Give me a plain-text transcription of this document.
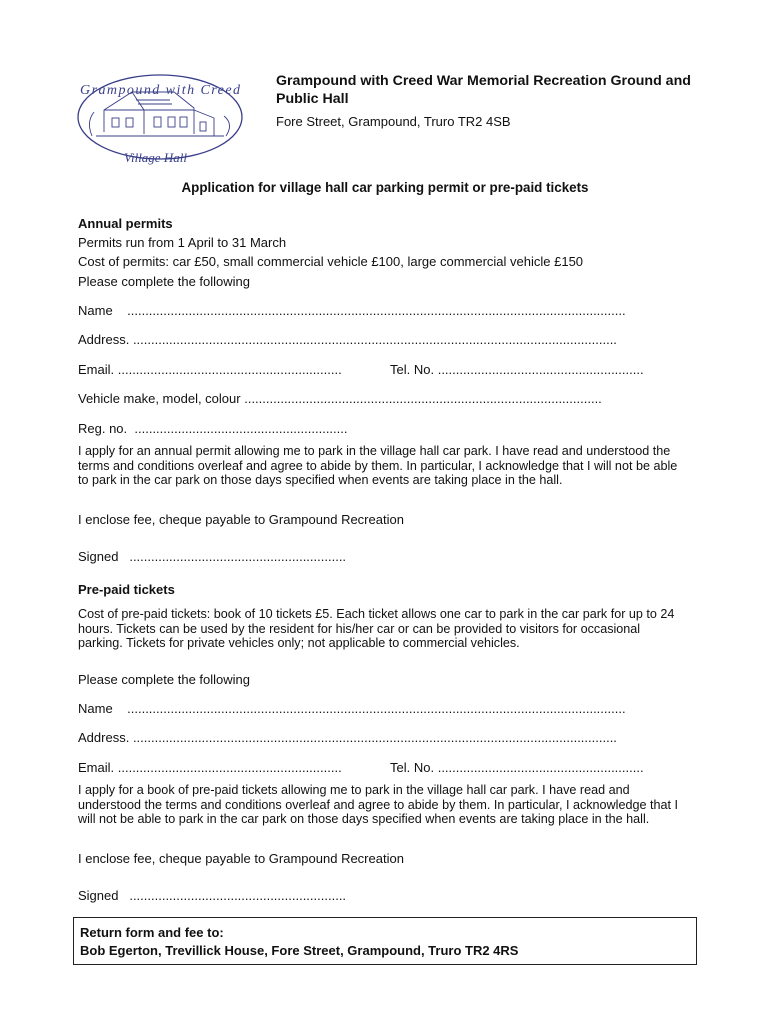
Grampound with Creed
Village Hall
Grampound with Creed War Memorial Recreation Ground and Public Hall
Fore Street, Grampound, Truro TR2 4SB
Application for village hall car parking permit or pre-paid tickets
Annual permits
Permits run from 1 April to 31 March
Cost of permits: car £50, small commercial vehicle £100, large commercial vehicle £150
Please complete the following
Name ..........................................................................................................................................
Address. ......................................................................................................................................
Email. ..............................................................	Tel. No. .........................................................
Vehicle make, model, colour ...................................................................................................
Reg. no. ...........................................................
I apply for an annual permit allowing me to park in the village hall car park. I have read and understood the terms and conditions overleaf and agree to abide by them. In particular, I acknowledge that I will not be able to park in the car park on those days specified when events are taking place in the hall.
I enclose fee, cheque payable to Grampound Recreation
Signed ............................................................
Pre-paid tickets
Cost of pre-paid tickets: book of 10 tickets £5. Each ticket allows one car to park in the car park for up to 24 hours. Tickets can be used by the resident for his/her car or can be provided to visitors for occasional parking. Tickets for private vehicles only; not applicable to commercial vehicles.
Please complete the following
Name ..........................................................................................................................................
Address. ......................................................................................................................................
Email. ..............................................................	Tel. No. .........................................................
I apply for a book of pre-paid tickets allowing me to park in the village hall car park. I have read and understood the terms and conditions overleaf and agree to abide by them. In particular, I acknowledge that I will not be able to park in the car park on those days specified when events are taking place in the hall.
I enclose fee, cheque payable to Grampound Recreation
Signed ............................................................
Return form and fee to:
Bob Egerton, Trevillick House, Fore Street, Grampound, Truro TR2 4RS
